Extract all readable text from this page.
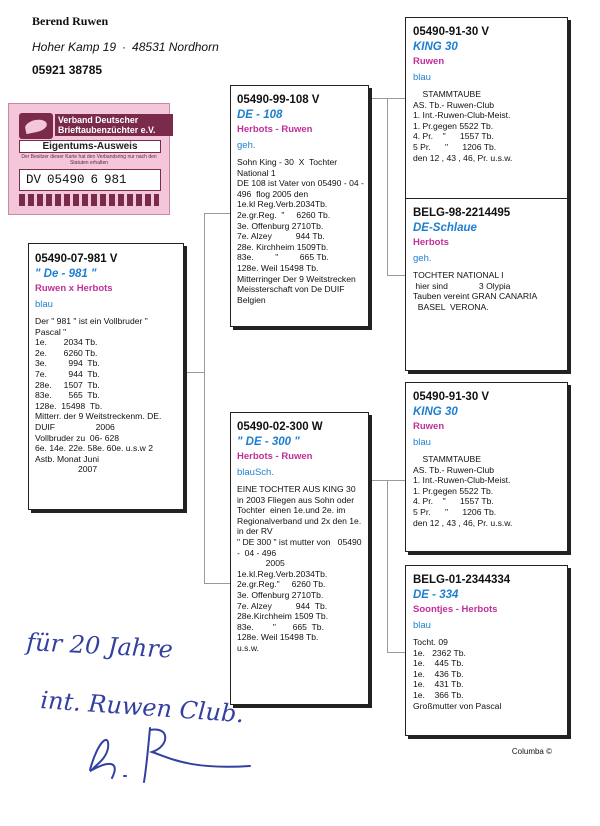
Berend Ruwen
Hoher Kamp 19 · 48531 Nordhorn
05921 38785
Verband Deutscher Brieftaubenzüchter e.V.
Eigentums-Ausweis
Der Besitzer dieser Karte hat den Verbandsring nur nach den Statuten erhalten
DV 05490 6 981
05490-07-981 V
" De - 981 "
Ruwen x Herbots
blau
Der " 981 " ist ein Vollbruder "
Pascal "
1e.       2034 Tb.
2e.       6260 Tb.
3e.         994  Tb.
7e.         944  Tb.
28e.     1507  Tb.
83e.       565  Tb.
128e.  15498  Tb.
Mitterr. der 9 Weitstreckenm. DE.
DUIF                 2006
Vollbruder zu  06- 628
6e. 14e. 22e. 58e. 60e. u.s.w 2
Astb. Monat Juni
2007
05490-99-108 V
DE - 108
Herbots - Ruwen
geh.
Sohn King - 30  X  Tochter
National 1
DE 108 ist Vater von 05490 - 04 -
496  flog 2005 den
1e.kl Reg.Verb.2034Tb.
2e.gr.Reg.  "     6260 Tb.
3e. Offenburg 2710Tb.
7e. Alzey          944 Tb.
28e. Kirchheim 1509Tb.
83e.         "         665 Tb.
128e. Weil 15498 Tb.
Mitterringer Der 9 Weitstrecken
Meissterschaft von De DUIF
Belgien
05490-02-300 W
" DE - 300 "
Herbots - Ruwen
blauSch.
EINE TOCHTER AUS KING 30
in 2003 Fliegen aus Sohn oder
Tochter  einen 1e.und 2e. im
Regionalverband und 2x den 1e.
in der RV
" DE 300 " ist mutter von   05490
-  04 - 496
2005
1e.kl.Reg.Verb.2034Tb.
2e.gr.Reg."     6260 Tb.
3e. Offenburg 2710Tb.
7e. Alzey          944  Tb.
28e.Kirchheim 1509 Tb.
83e.        "       665  Tb.
128e. Weil 15498 Tb.
u.s.w.
05490-91-30 V
KING 30
Ruwen
blau
STAMMTAUBE
AS. Tb.- Ruwen-Club
1. Int.-Ruwen-Club-Meist.
1. Pr.gegen 5522 Tb.
4. Pr.    "      1557 Tb.
5 Pr.      "      1206 Tb.
den 12 , 43 , 46, Pr. u.s.w.
BELG-98-2214495
DE-Schlaue
Herbots
geh.
TOCHTER NATIONAL I
hier sind             3 Olypia
Tauben vereint GRAN CANARIA
BASEL  VERONA.
05490-91-30 V
KING 30
Ruwen
blau
STAMMTAUBE
AS. Tb.- Ruwen-Club
1. Int.-Ruwen-Club-Meist.
1. Pr.gegen 5522 Tb.
4. Pr.    "      1557 Tb.
5 Pr.      "      1206 Tb.
den 12 , 43 , 46, Pr. u.s.w.
BELG-01-2344334
DE - 334
Soontjes - Herbots
blau
Tocht. 09
1e.   2362 Tb.
1e.    445 Tb.
1e.    436 Tb.
1e.    431 Tb.
1e.    366 Tb.
Großmutter von Pascal
für 20 Jahre
int. Ruwen Club.
Columba ©
